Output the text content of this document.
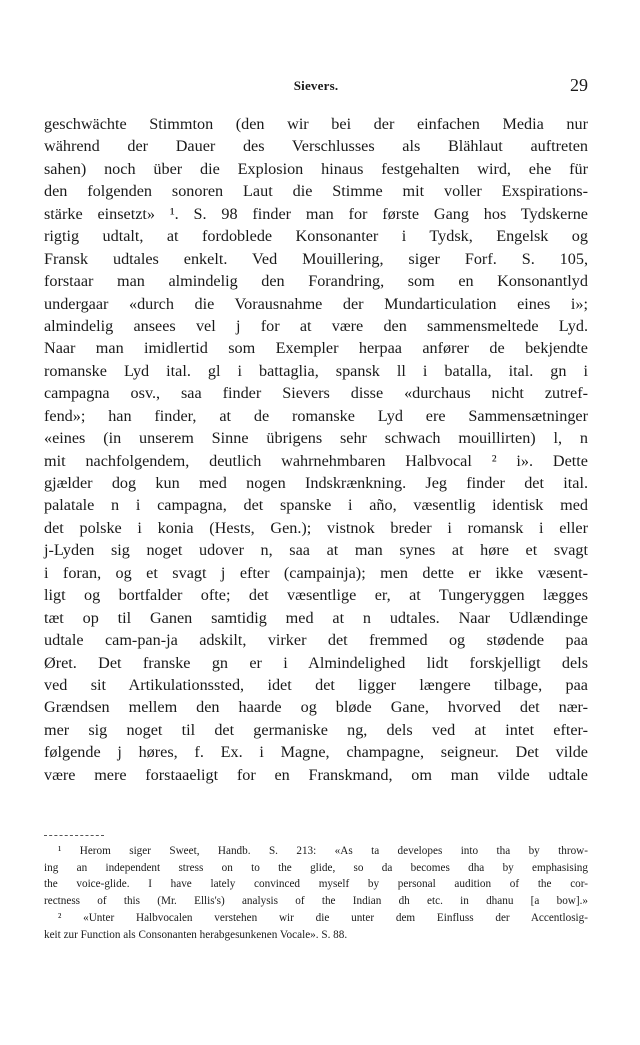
Sievers.	29
geschwächte Stimmton (den wir bei der einfachen Media nur
während der Dauer des Verschlusses als Blählaut auftreten
sahen) noch über die Explosion hinaus festgehalten wird, ehe für
den folgenden sonoren Laut die Stimme mit voller Exspirations-
stärke einsetzt» ¹. S. 98 finder man for første Gang hos Tydskerne
rigtig udtalt, at fordoblede Konsonanter i Tydsk, Engelsk og
Fransk udtales enkelt. Ved Mouillering, siger Forf. S. 105,
forstaar man almindelig den Forandring, som en Konsonantlyd
undergaar «durch die Vorausnahme der Mundarticulation eines i»;
almindelig ansees vel j for at være den sammensmeltede Lyd.
Naar man imidlertid som Exempler herpaa anfører de bekjendte
romanske Lyd ital. gl i battaglia, spansk ll i batalla, ital. gn i
campagna osv., saa finder Sievers disse «durchaus nicht zutref-
fend»; han finder, at de romanske Lyd ere Sammensætninger
«eines (in unserem Sinne übrigens sehr schwach mouillirten) l, n
mit nachfolgendem, deutlich wahrnehmbaren Halbvocal ² i». Dette
gjælder dog kun med nogen Indskrænkning. Jeg finder det ital.
palatale n i campagna, det spanske i año, væsentlig identisk med
det polske i konia (Hests, Gen.); vistnok breder i romansk i eller
j-Lyden sig noget udover n, saa at man synes at høre et svagt
i foran, og et svagt j efter (campainja); men dette er ikke væsent-
ligt og bortfalder ofte; det væsentlige er, at Tungeryggen lægges
tæt op til Ganen samtidig med at n udtales. Naar Udlændinge
udtale cam-pan-ja adskilt, virker det fremmed og stødende paa
Øret. Det franske gn er i Almindelighed lidt forskjelligt dels
ved sit Artikulationssted, idet det ligger længere tilbage, paa
Grændsen mellem den haarde og bløde Gane, hvorved det nær-
mer sig noget til det germaniske ng, dels ved at intet efter-
følgende j høres, f. Ex. i Magne, champagne, seigneur. Det vilde
være mere forstaaeligt for en Franskmand, om man vilde udtale
¹ Herom siger Sweet, Handb. S. 213: «As ta developes into tha by throw-
ing an independent stress on to the glide, so da becomes dha by emphasising
the voice-glide. I have lately convinced myself by personal audition of the cor-
rectness of this (Mr. Ellis's) analysis of the Indian dh etc. in dhanu [a bow].»
² «Unter Halbvocalen verstehen wir die unter dem Einfluss der Accentlosig-
keit zur Function als Consonanten herabgesunkenen Vocale». S. 88.
